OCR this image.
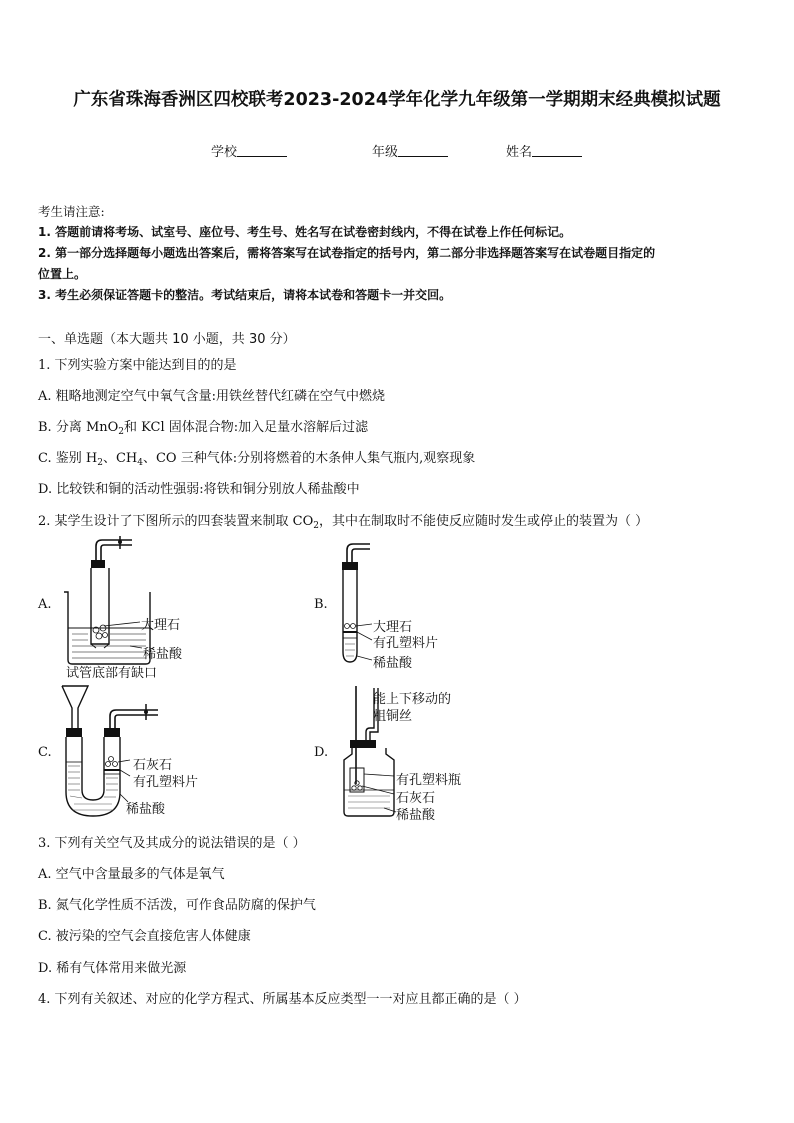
广东省珠海香洲区四校联考2023-2024学年化学九年级第一学期期末经典模拟试题
学校	年级	姓名
考生请注意:
1. 答题前请将考场、试室号、座位号、考生号、姓名写在试卷密封线内，不得在试卷上作任何标记。
2. 第一部分选择题每小题选出答案后，需将答案写在试卷指定的括号内，第二部分非选择题答案写在试卷题目指定的
位置上。
3. 考生必须保证答题卡的整洁。考试结束后，请将本试卷和答题卡一并交回。
一、单选题（本大题共 10 小题，共 30 分）
1. 下列实验方案中能达到目的的是
A. 粗略地测定空气中氧气含量:用铁丝替代红磷在空气中燃烧
B. 分离 MnO$_2$和 KCl 固体混合物:加入足量水溶解后过滤
C. 鉴别 $H_2$、$CH_4$、CO 三种气体:分别将燃着的木条伸人集气瓶内,观察现象
D. 比较铁和铜的活动性强弱:将铁和铜分别放人稀盐酸中
2. 某学生设计了下图所示的四套装置来制取 $CO_2$，其中在制取时不能使反应随时发生或停止的装置为（ ）
A.
大理石
稀盐酸
试管底部有缺口
B.
大理石
有孔塑料片
稀盐酸
C.
石灰石
有孔塑料片
稀盐酸
D.
能上下移动的
粗铜丝
有孔塑料瓶
石灰石
稀盐酸
3. 下列有关空气及其成分的说法错误的是（ ）
A. 空气中含量最多的气体是氧气
B. 氮气化学性质不活泼，可作食品防腐的保护气
C. 被污染的空气会直接危害人体健康
D. 稀有气体常用来做光源
4. 下列有关叙述、对应的化学方程式、所属基本反应类型一一对应且都正确的是（ ）
